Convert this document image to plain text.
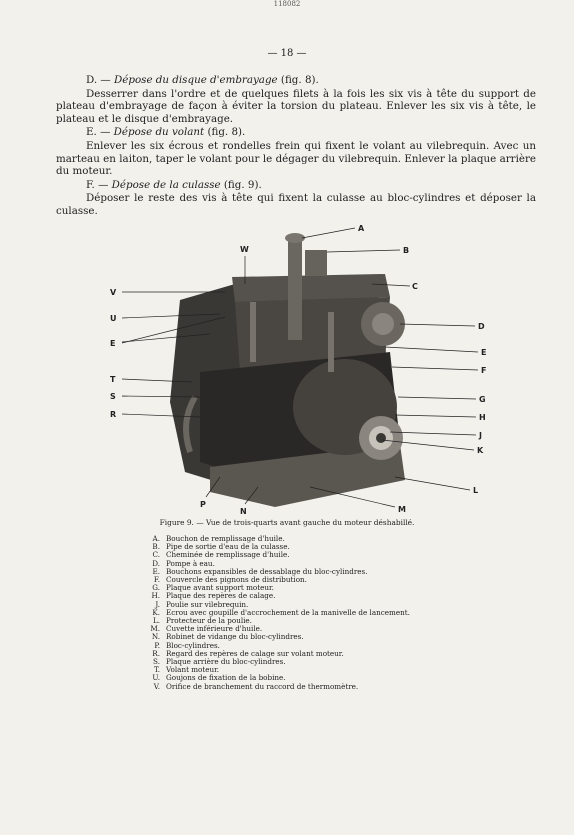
118082
— 18 —

D. — Dépose du disque d'embrayage (fig. 8).

Desserrer dans l'ordre et de quelques filets à la fois les six vis à tête du support de plateau d'embrayage de façon à éviter la torsion du plateau. Enlever les six vis à tête, le plateau et le disque d'embrayage.

E. — Dépose du volant (fig. 8).

Enlever les six écrous et rondelles frein qui fixent le volant au vilebrequin. Avec un marteau en laiton, taper le volant pour le dégager du vilebrequin. Enlever la plaque arrière du moteur.

F. — Dépose de la culasse (fig. 9).

Déposer le reste des vis à tête qui fixent la culasse au bloc-cylindres et déposer la culasse.

A
B
C
D
E
F
G
H
J
K
L
M
N
P
R
S
T
E
U
V
W
Figure 9. — Vue de trois-quarts avant gauche du moteur déshabillé.
A. Bouchon de remplissage d'huile.
B. Pipe de sortie d'eau de la culasse.
C. Cheminée de remplissage d'huile.
D. Pompe à eau.
E. Bouchons expansibles de dessablage du bloc-cylindres.
F. Couvercle des pignons de distribution.
G. Plaque avant support moteur.
H. Plaque des repères de calage.
J. Poulie sur vilebrequin.
K. Ecrou avec goupille d'accrochement de la manivelle de lancement.
L. Protecteur de la poulie.
M. Cuvette inférieure d'huile.
N. Robinet de vidange du bloc-cylindres.
P. Bloc-cylindres.
R. Regard des repères de calage sur volant moteur.
S. Plaque arrière du bloc-cylindres.
T. Volant moteur.
U. Goujons de fixation de la bobine.
V. Orifice de branchement du raccord de thermomètre.
